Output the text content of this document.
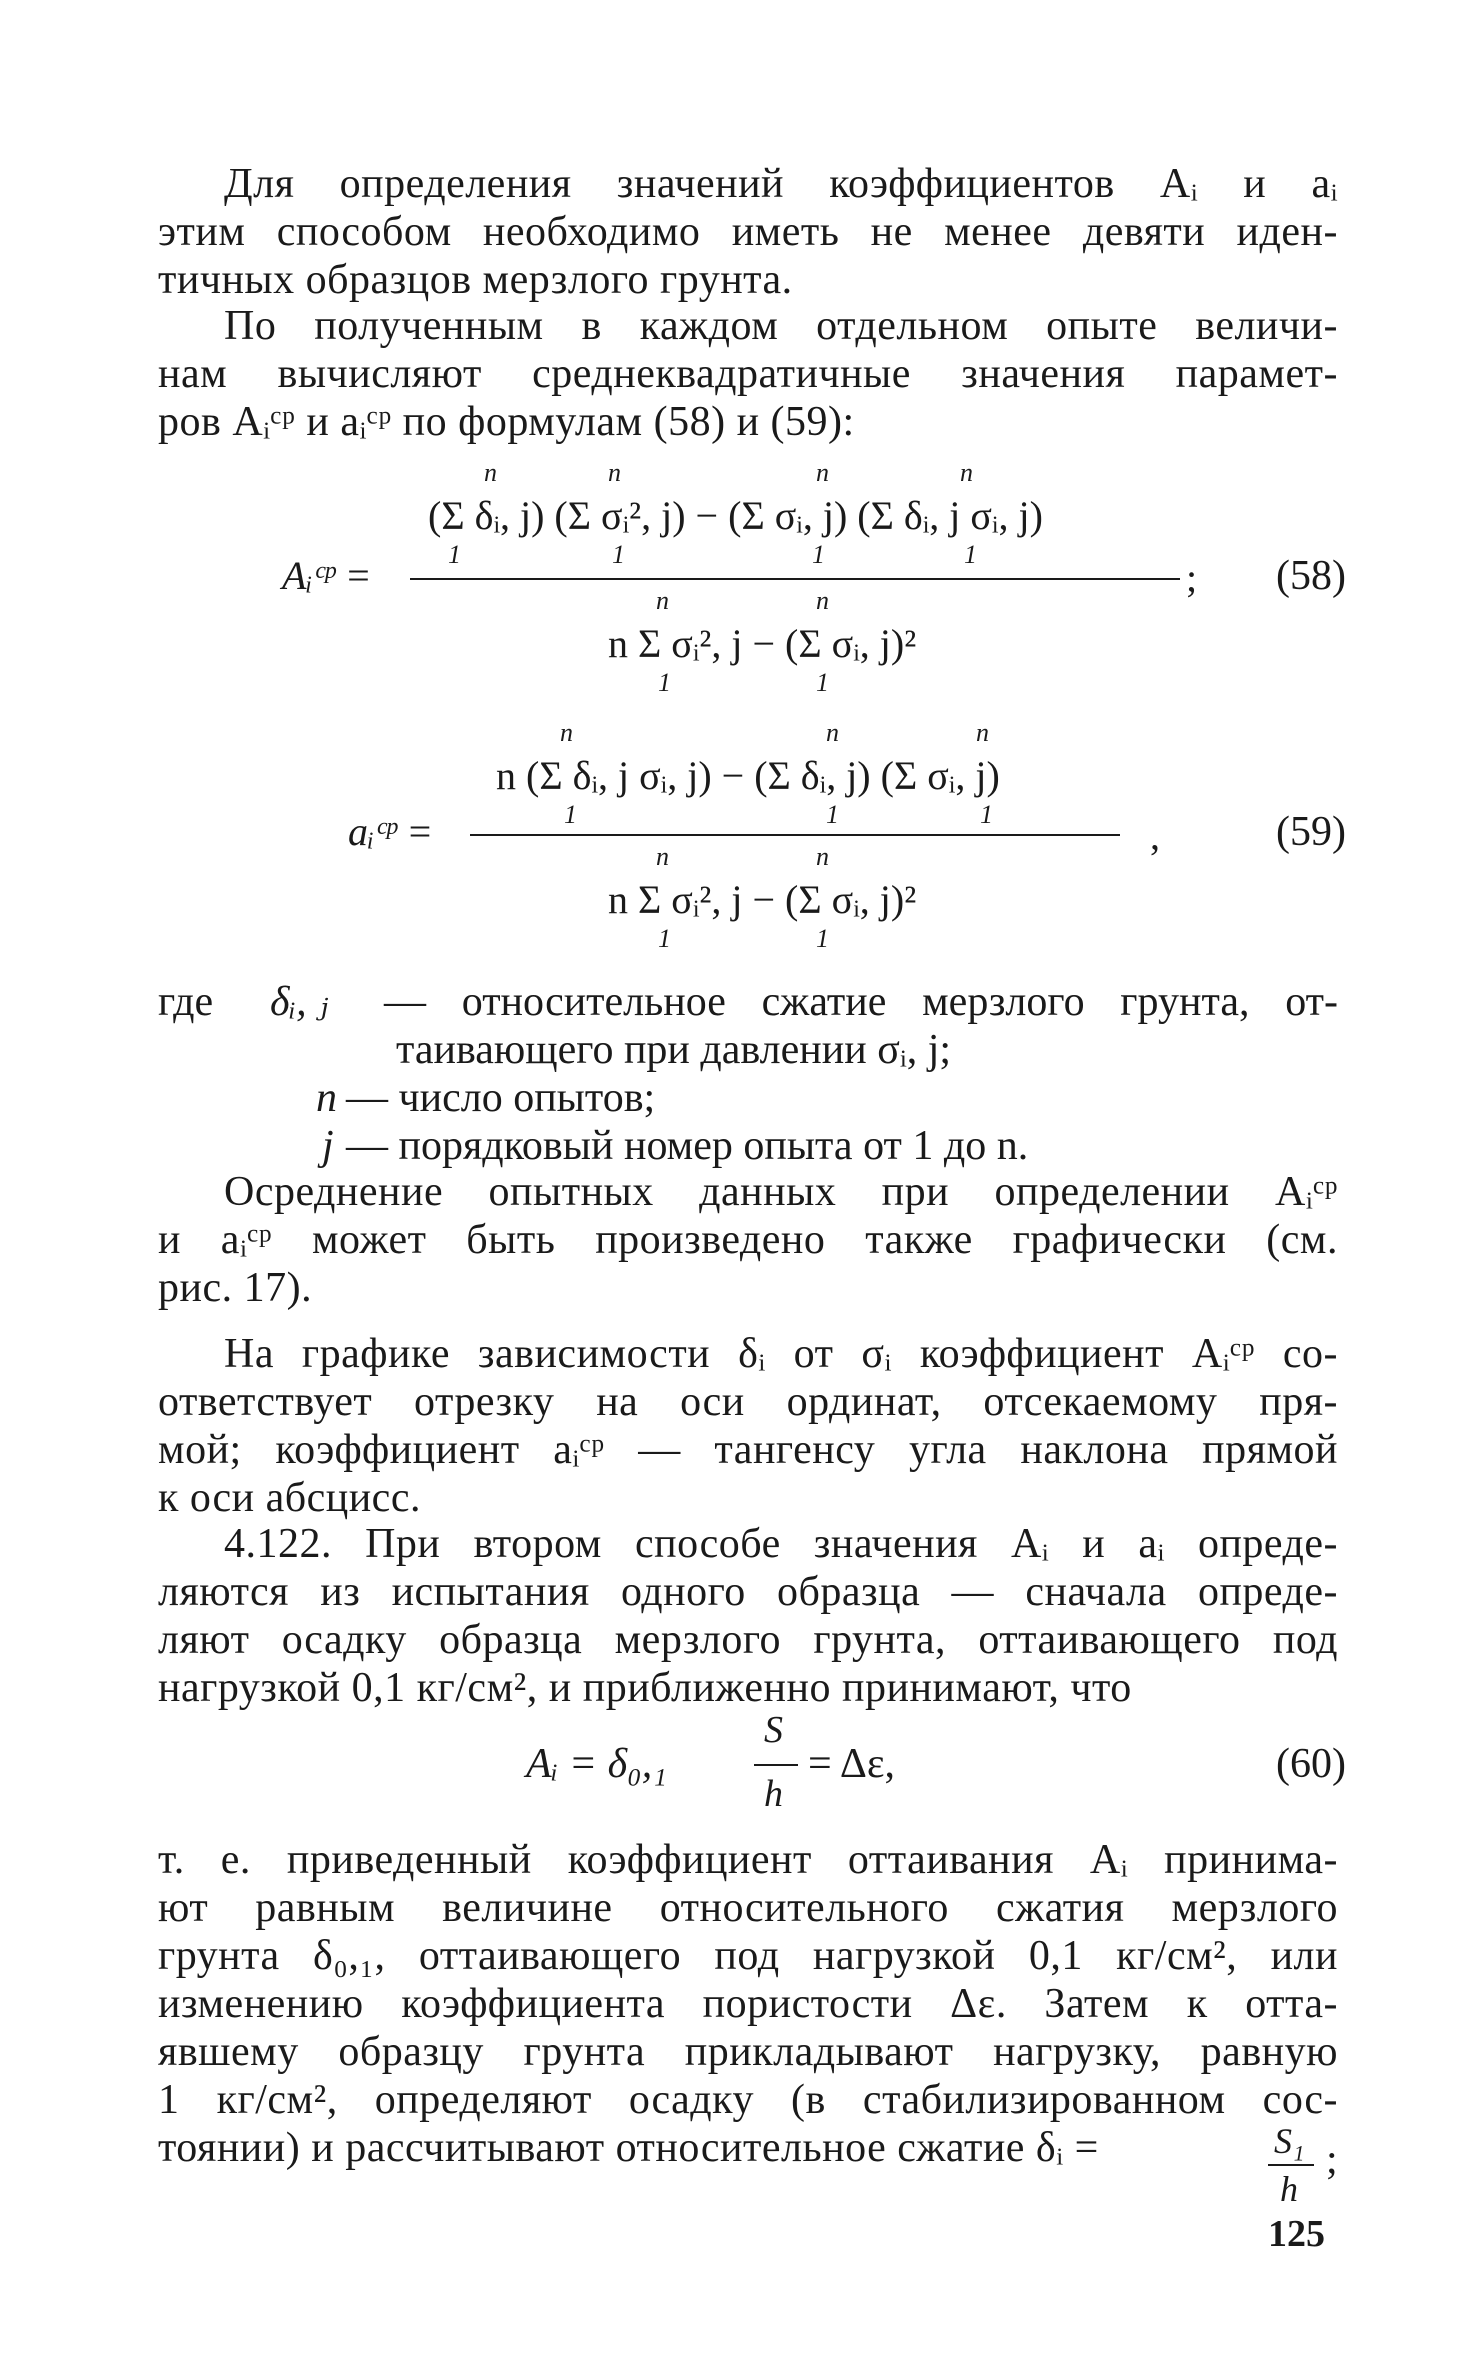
Для определения значений коэффициентов Aᵢ и aᵢ
этим способом необходимо иметь не менее девяти иден-
тичных образцов мерзлого грунта.
По полученным в каждом отдельном опыте величи-
нам вычисляют среднеквадратичные значения парамет-
ров Aᵢᶜᵖ и aᵢᶜᵖ по формулам (58) и (59):
n	n	n	n
(Σ δᵢ, j) (Σ σᵢ², j) − (Σ σᵢ, j) (Σ δᵢ, j σᵢ, j)
1	1	1	1
Aᵢᶜᵖ =	; (58)
n	n
n Σ σᵢ², j − (Σ σᵢ, j)²
1	1
n	n	n
n (Σ δᵢ, j σᵢ, j) − (Σ δᵢ, j) (Σ σᵢ, j)
1	1	1
aᵢᶜᵖ =	,	(59)
n	n
n Σ σᵢ², j − (Σ σᵢ, j)²
1	1
где δᵢ, ⱼ — относительное сжатие мерзлого грунта, от-
таивающего при давлении σᵢ, j;
n — число опытов;
j — порядковый номер опыта от 1 до n.
Осреднение опытных данных при определении Aᵢᶜᵖ
и aᵢᶜᵖ может быть произведено также графически (см.
рис. 17).
На графике зависимости δᵢ от σᵢ коэффициент Aᵢᶜᵖ со-
ответствует отрезку на оси ординат, отсекаемому пря-
мой; коэффициент aᵢᶜᵖ — тангенсу угла наклона прямой
к оси абсцисс.
4.122. При втором способе значения Aᵢ и aᵢ опреде-
ляются из испытания одного образца — сначала опреде-
ляют осадку образца мерзлого грунта, оттаивающего под
нагрузкой 0,1 кг/см², и приближенно принимают, что
Aᵢ = δ₀,₁
S
h
= Δε,	(60)
т. е. приведенный коэффициент оттаивания Aᵢ принима-
ют равным величине относительного сжатия мерзлого
грунта δ₀,₁, оттаивающего под нагрузкой 0,1 кг/см², или
изменению коэффициента пористости Δε. Затем к отта-
явшему образцу грунта прикладывают нагрузку, равную
1 кг/см², определяют осадку (в стабилизированном сос-
тоянии) и рассчитывают относительное сжатие δᵢ =	S₁
h
;
125
